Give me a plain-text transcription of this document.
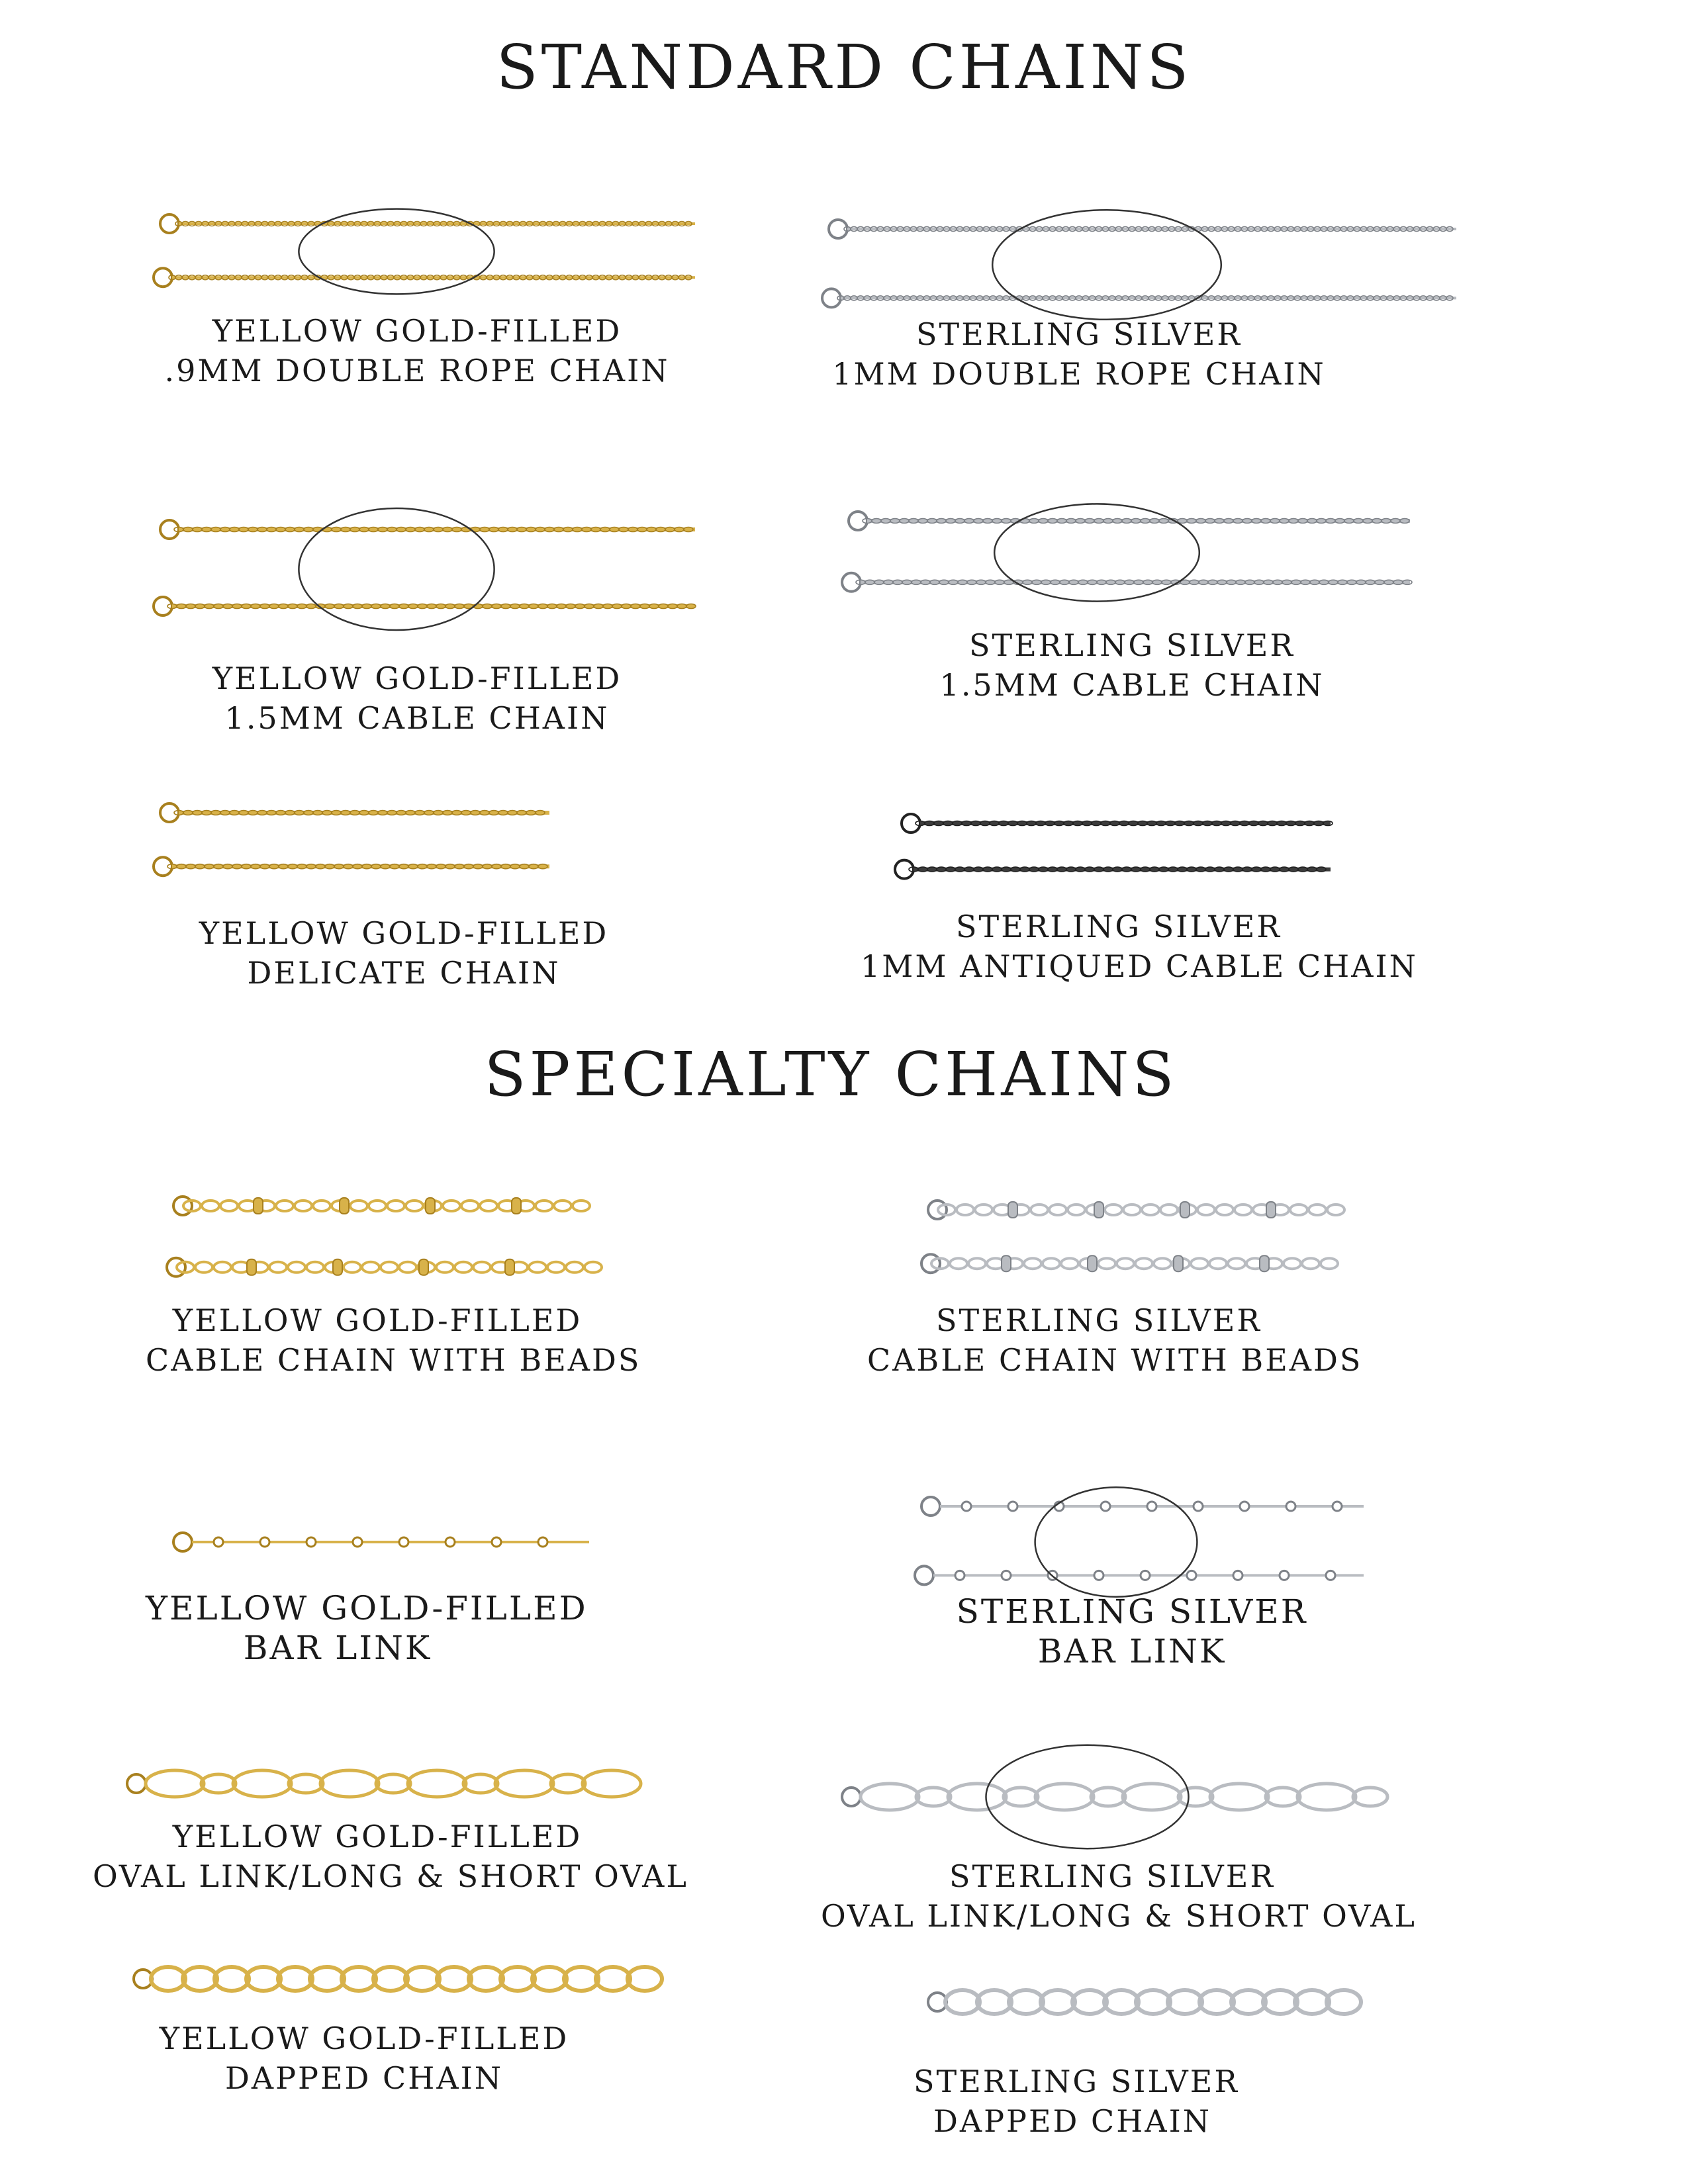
STANDARD CHAINS
YELLOW GOLD-FILLED
.9MM DOUBLE ROPE CHAIN
STERLING SILVER
1MM DOUBLE ROPE CHAIN
YELLOW GOLD-FILLED
1.5MM CABLE CHAIN
STERLING SILVER
1.5MM CABLE CHAIN
YELLOW GOLD-FILLED
DELICATE CHAIN
STERLING SILVER
1MM ANTIQUED CABLE CHAIN
SPECIALTY CHAINS
YELLOW GOLD-FILLED
CABLE CHAIN WITH BEADS
STERLING SILVER
CABLE CHAIN WITH BEADS
YELLOW GOLD-FILLED
BAR LINK
STERLING SILVER
BAR LINK
YELLOW GOLD-FILLED
OVAL LINK/LONG & SHORT OVAL	STERLING SILVER
OVAL LINK/LONG & SHORT OVAL
YELLOW GOLD-FILLED
DAPPED CHAIN	STERLING SILVER
DAPPED CHAIN
